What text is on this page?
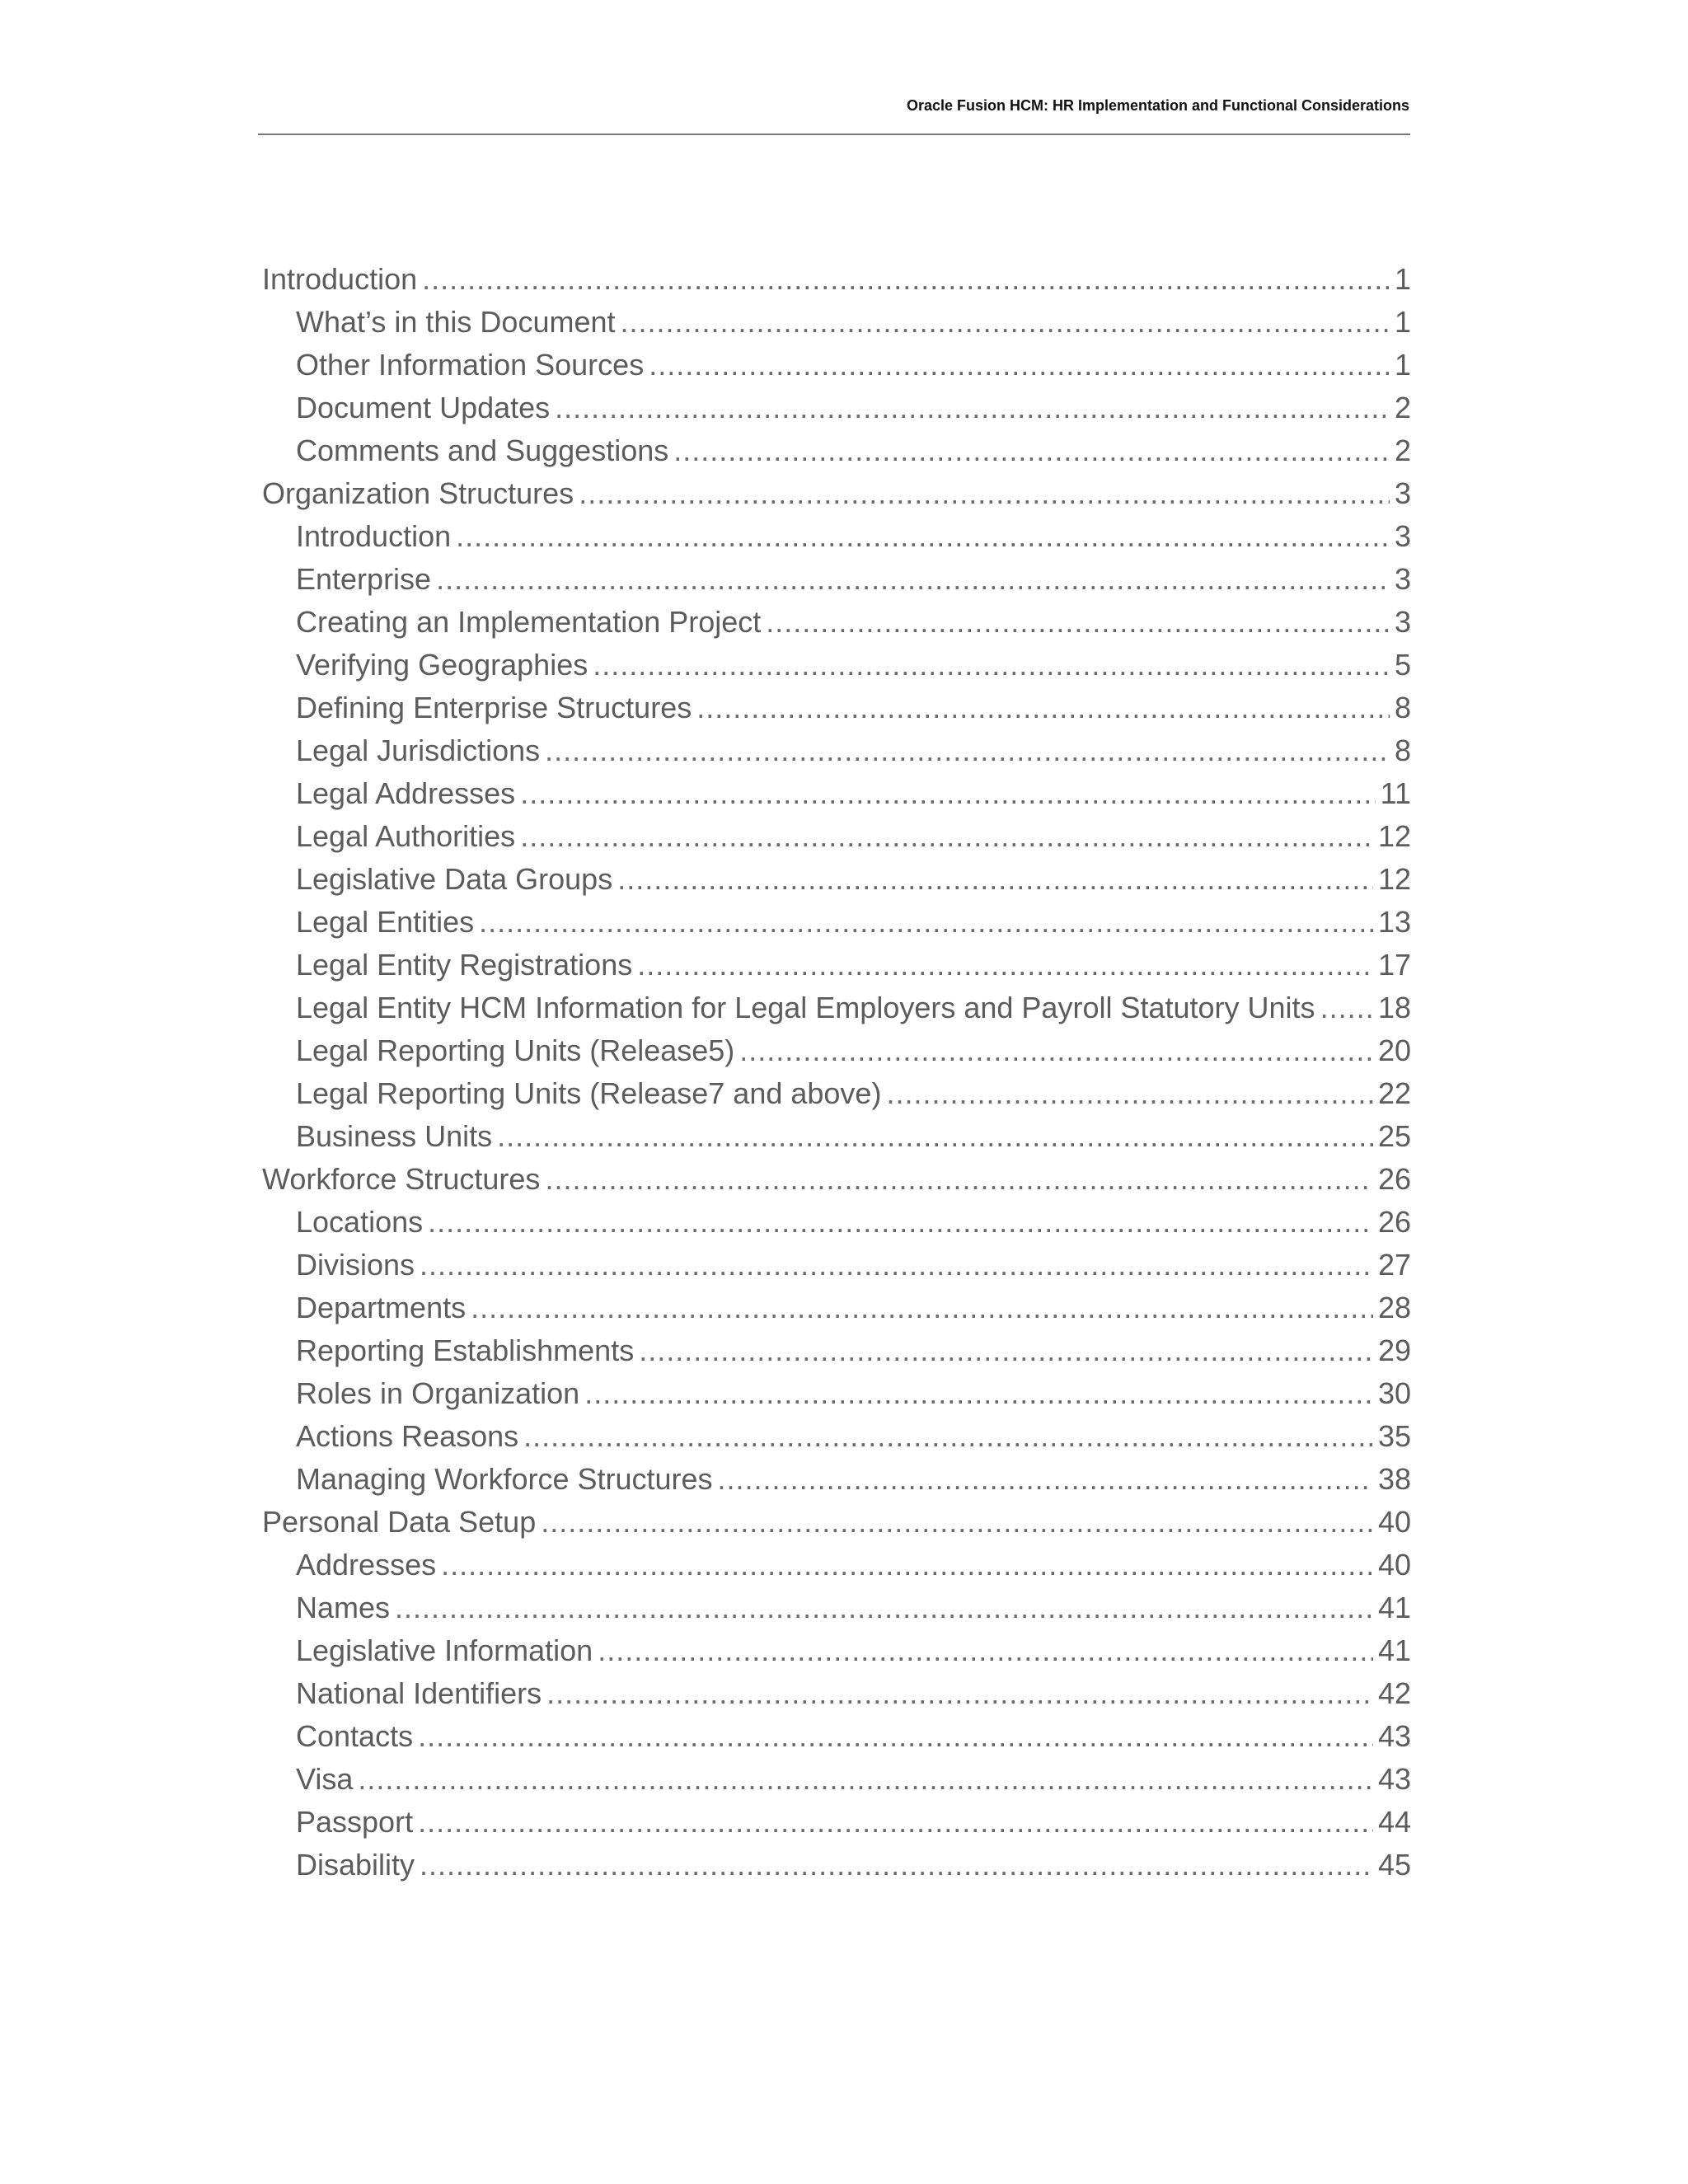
Oracle Fusion HCM: HR Implementation and Functional Considerations
Introduction .....	1
What’s in this Document .....	1
Other Information Sources .....	1
Document Updates .....	2
Comments and Suggestions .....	2
Organization Structures .....	3
Introduction .....	3
Enterprise .....	3
Creating an Implementation Project .....	3
Verifying Geographies .....	5
Defining Enterprise Structures .....	8
Legal Jurisdictions .....	8
Legal Addresses .....	11
Legal Authorities .....	12
Legislative Data Groups .....	12
Legal Entities .....	13
Legal Entity Registrations .....	17
Legal Entity HCM Information for Legal Employers and Payroll Statutory Units ..... 18
Legal Reporting Units (Release5) .....	20
Legal Reporting Units (Release7 and above) .....	22
Business Units .....	25
Workforce Structures .....	26
Locations .....	26
Divisions .....	27
Departments .....	28
Reporting Establishments .....	29
Roles in Organization .....	30
Actions Reasons .....	35
Managing Workforce Structures .....	38
Personal Data Setup .....	40
Addresses .....	40
Names .....	41
Legislative Information .....	41
National Identifiers .....	42
Contacts .....	43
Visa .....	43
Passport .....	44
Disability .....	45
